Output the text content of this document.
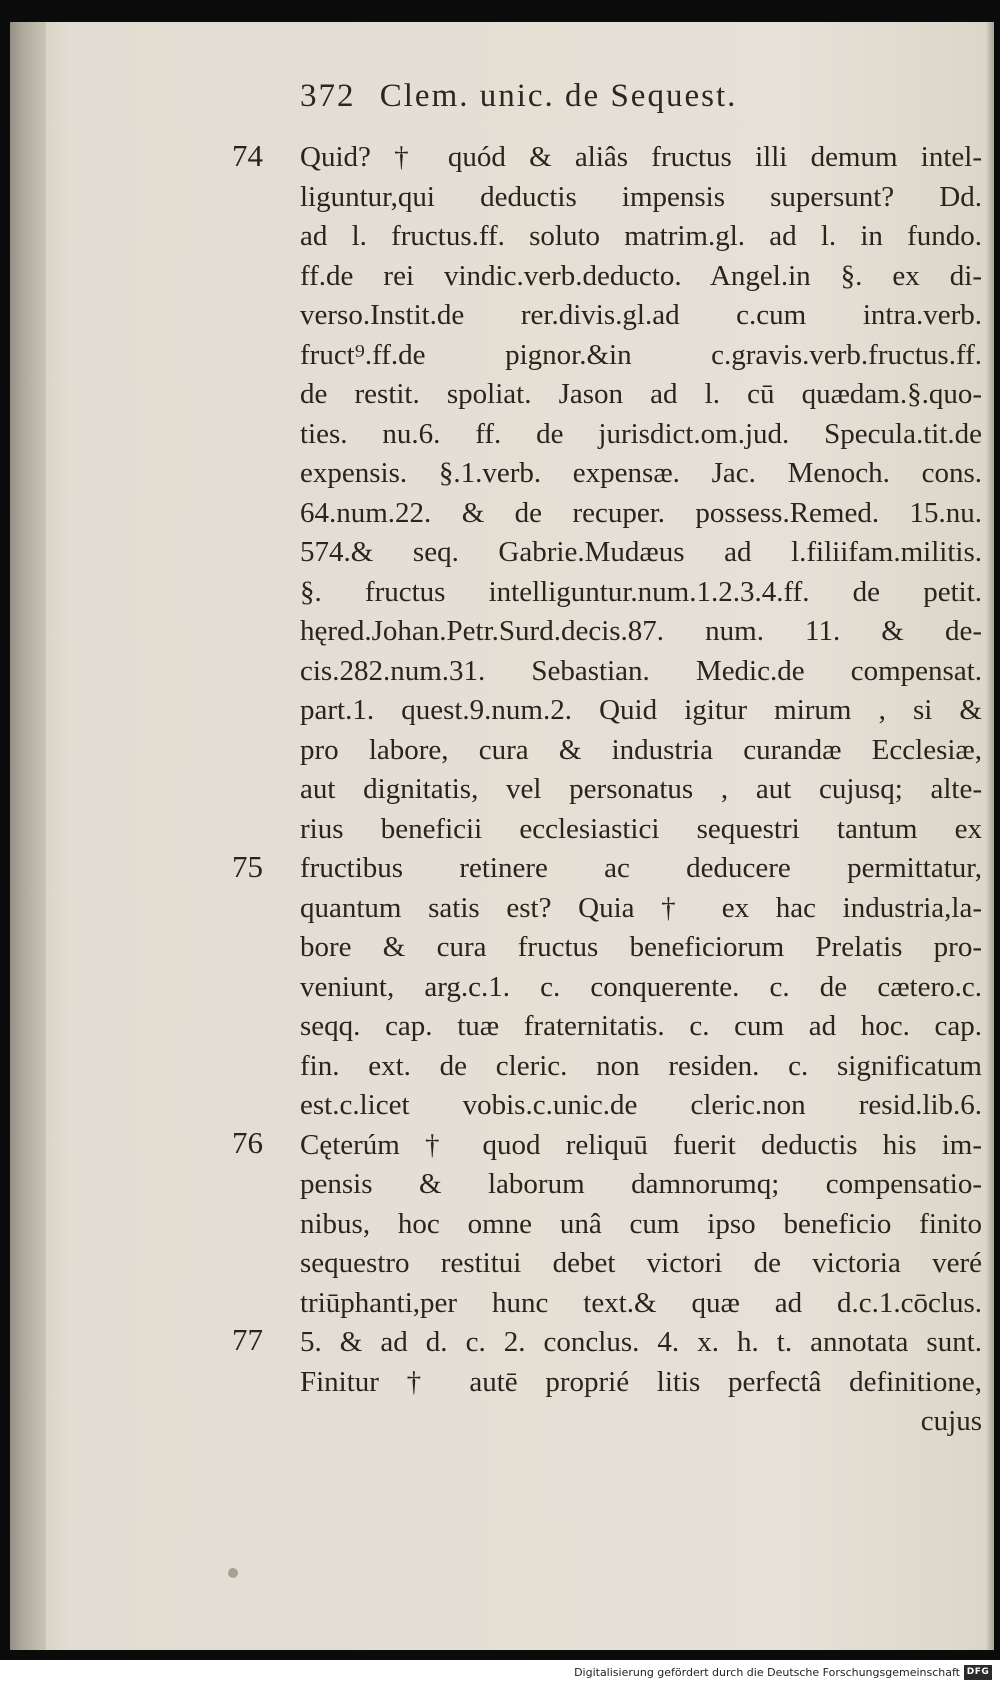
372 Clem. unic. de Sequest.
74
75
76
77
Quid? † quód & aliâs fructus illi demum intel-
liguntur,qui deductis impensis supersunt? Dd.
ad l. fructus.ff. soluto matrim.gl. ad l. in fundo.
ff.de rei vindic.verb.deducto. Angel.in §. ex di-
verso.Instit.de rer.divis.gl.ad c.cum intra.verb.
fruct⁹.ff.de pignor.&in c.gravis.verb.fructus.ff.
de restit. spoliat. Jason ad l. cū quædam.§.quo-
ties. nu.6. ff. de jurisdict.om.jud. Specula.tit.de
expensis. §.1.verb. expensæ. Jac. Menoch. cons.
64.num.22. & de recuper. possess.Remed. 15.nu.
574.& seq. Gabrie.Mudæus ad l.filiifam.militis.
§. fructus intelliguntur.num.1.2.3.4.ff. de petit.
hęred.Johan.Petr.Surd.decis.87. num. 11. & de-
cis.282.num.31. Sebastian. Medic.de compensat.
part.1. quest.9.num.2. Quid igitur mirum , si &
pro labore, cura & industria curandæ Ecclesiæ,
aut dignitatis, vel personatus , aut cujusq; alte-
rius beneficii ecclesiastici sequestri tantum ex
fructibus retinere ac deducere permittatur,
quantum satis est? Quia † ex hac industria,la-
bore & cura fructus beneficiorum Prelatis pro-
veniunt, arg.c.1. c. conquerente. c. de cætero.c.
seqq. cap. tuæ fraternitatis. c. cum ad hoc. cap.
fin. ext. de cleric. non residen. c. significatum
est.c.licet vobis.c.unic.de cleric.non resid.lib.6.
Cęterúm † quod reliquū fuerit deductis his im-
pensis & laborum damnorumq; compensatio-
nibus, hoc omne unâ cum ipso beneficio finito
sequestro restitui debet victori de victoria veré
triūphanti,per hunc text.& quæ ad d.c.1.cōclus.
5. & ad d. c. 2. conclus. 4. x. h. t. annotata sunt.
Finitur † autē proprié litis perfectâ definitione,
cujus
Digitalisierung gefördert durch die Deutsche Forschungsgemeinschaft DFG
